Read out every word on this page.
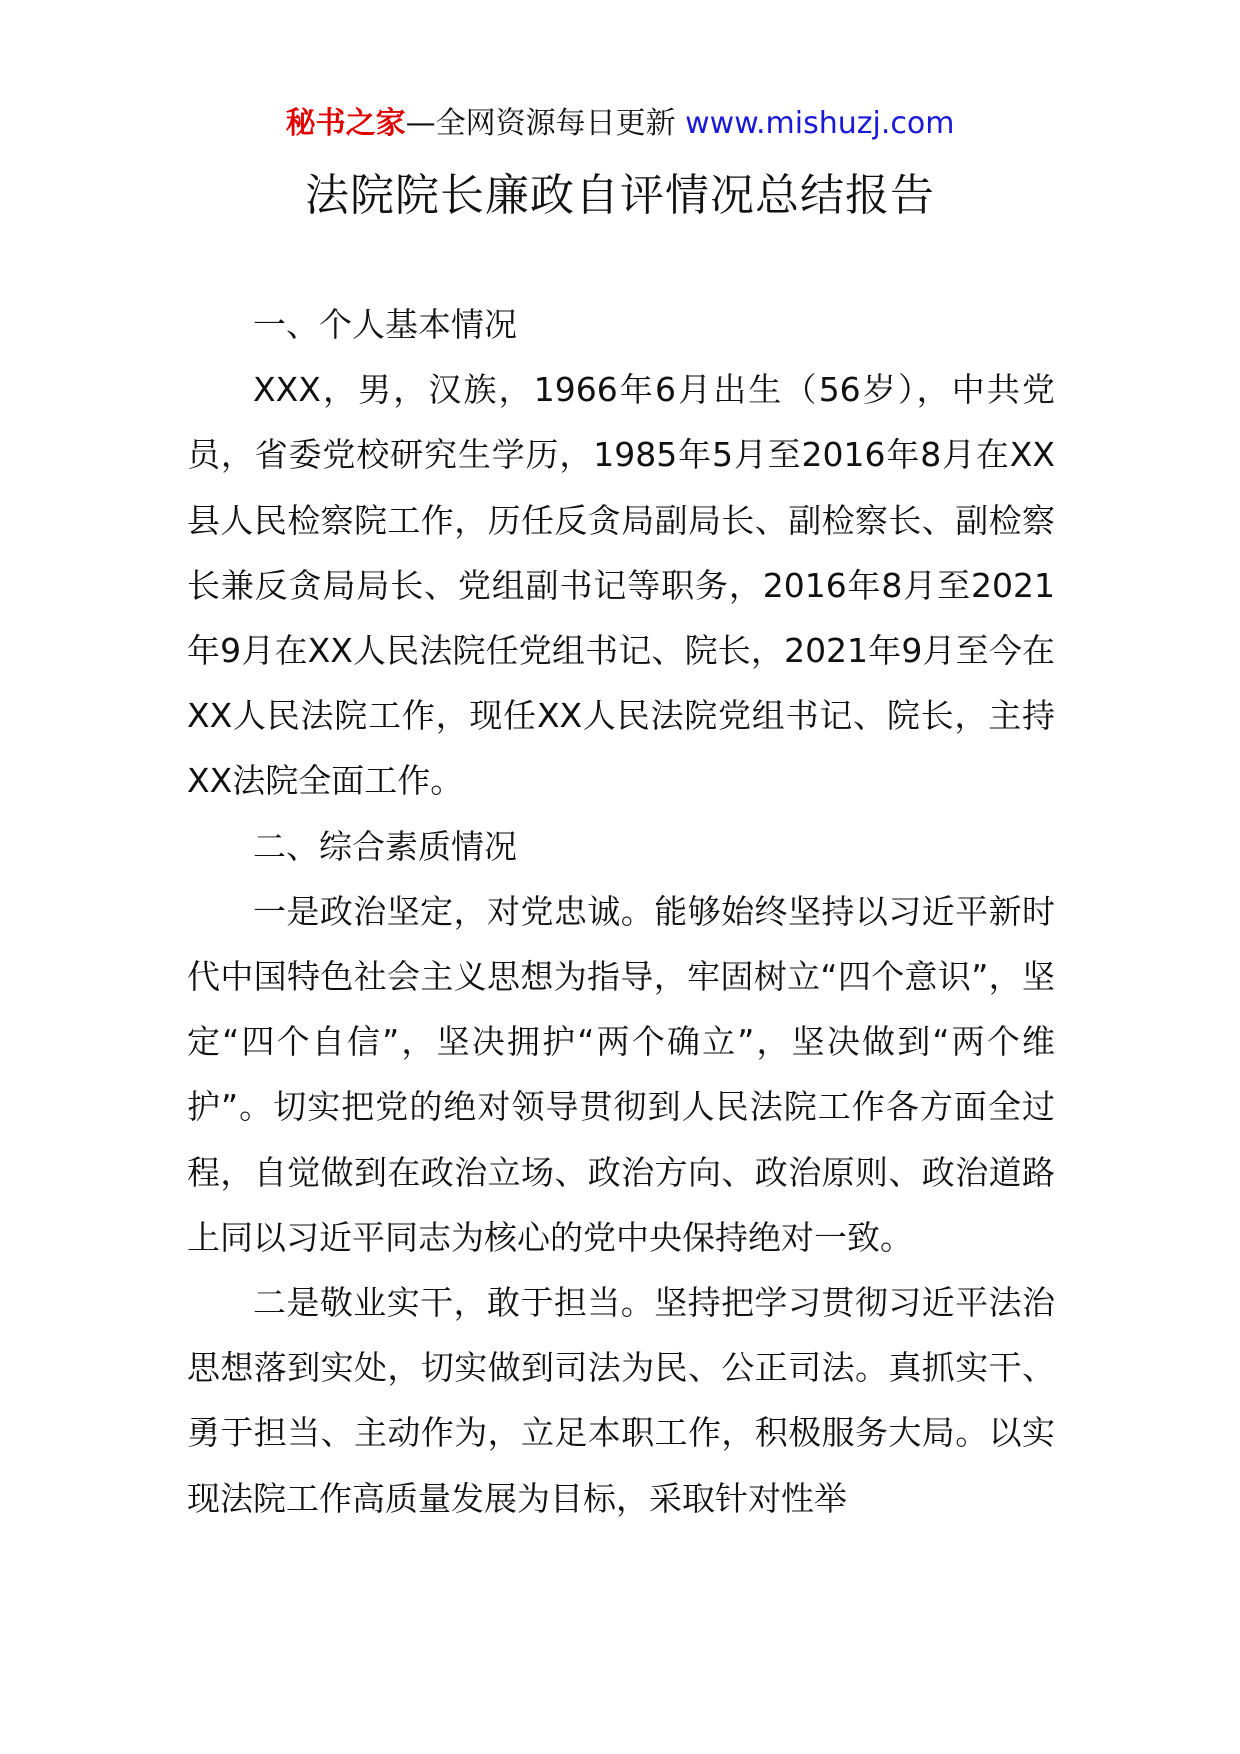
秘书之家—全网资源每日更新 www.mishuzj.com
法院院长廉政自评情况总结报告

一、个人基本情况

XXX，男，汉族，1966年6月出生（56岁），中共党员，省委党校研究生学历，1985年5月至2016年8月在XX县人民检察院工作，历任反贪局副局长、副检察长、副检察长兼反贪局局长、党组副书记等职务，2016年8月至2021年9月在XX人民法院任党组书记、院长，2021年9月至今在XX人民法院工作，现任XX人民法院党组书记、院长，主持XX法院全面工作。

二、综合素质情况

一是政治坚定，对党忠诚。能够始终坚持以习近平新时代中国特色社会主义思想为指导，牢固树立“四个意识”，坚定“四个自信”，坚决拥护“两个确立”，坚决做到“两个维护”。切实把党的绝对领导贯彻到人民法院工作各方面全过程，自觉做到在政治立场、政治方向、政治原则、政治道路上同以习近平同志为核心的党中央保持绝对一致。

二是敬业实干，敢于担当。坚持把学习贯彻习近平法治思想落到实处，切实做到司法为民、公正司法。真抓实干、勇于担当、主动作为，立足本职工作，积极服务大局。以实现法院工作高质量发展为目标，采取针对性举
